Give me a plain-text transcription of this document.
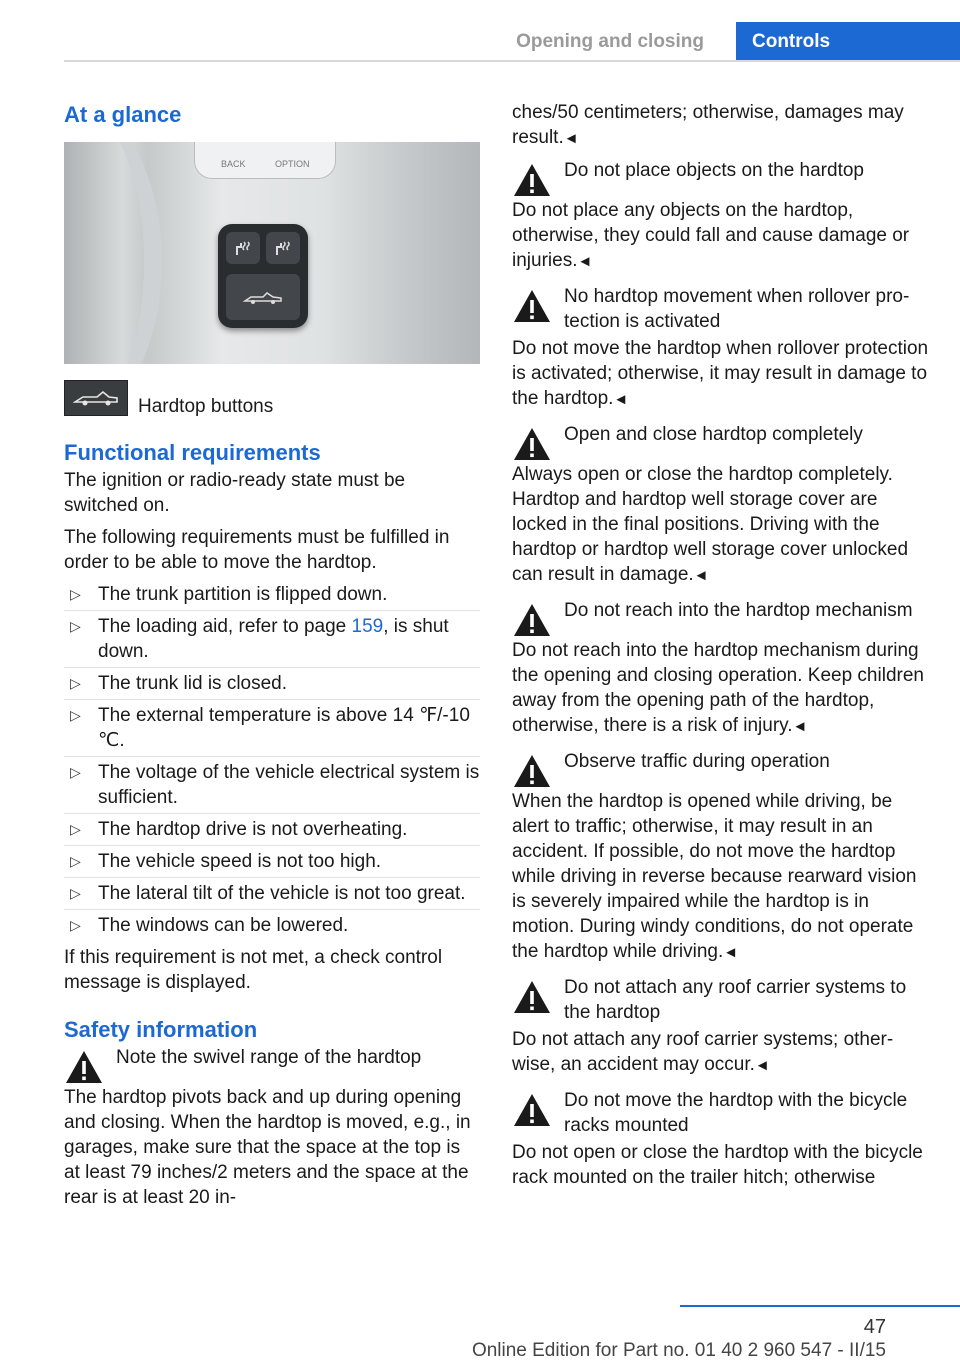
Opening and closing	Controls
At a glance
BACK	OPTION
Hardtop buttons
Functional requirements

The ignition or radio-ready state must be switched on.

The following requirements must be fulfilled in order to be able to move the hardtop.

▷ The trunk partition is flipped down.
▷ The loading aid, refer to page 159, is shut down.
▷ The trunk lid is closed.
▷ The external temperature is above 14 ℉/‑10 ℃.
▷ The voltage of the vehicle electrical system is sufficient.
▷ The hardtop drive is not overheating.
▷ The vehicle speed is not too high.
▷ The lateral tilt of the vehicle is not too great.
▷ The windows can be lowered.

If this requirement is not met, a check control message is displayed.

Safety information
Note the swivel range of the hardtop
The hardtop pivots back and up during opening and closing. When the hardtop is moved, e.g., in garages, make sure that the space at the top is at least 79 inches/2 meters and the space at the rear is at least 20 in-

ches/50 centimeters; otherwise, damages may result.◄

Do not place objects on the hardtop
Do not place any objects on the hardtop, otherwise, they could fall and cause damage or injuries.◄
No hardtop movement when rollover protection is activated
Do not move the hardtop when rollover protection is activated; otherwise, it may result in damage to the hardtop.◄
Open and close hardtop completely
Always open or close the hardtop completely. Hardtop and hardtop well storage cover are locked in the final positions. Driving with the hardtop or hardtop well storage cover unlocked can result in damage.◄
Do not reach into the hardtop mechanism
Do not reach into the hardtop mechanism during the opening and closing operation. Keep children away from the opening path of the hardtop, otherwise, there is a risk of injury.◄
Observe traffic during operation
When the hardtop is opened while driving, be alert to traffic; otherwise, it may result in an accident. If possible, do not move the hardtop while driving in reverse because rearward vision is severely impaired while the hardtop is in motion. During windy conditions, do not operate the hardtop while driving.◄
Do not attach any roof carrier systems to the hardtop
Do not attach any roof carrier systems; otherwise, an accident may occur.◄
Do not move the hardtop with the bicycle racks mounted
Do not open or close the hardtop with the bicycle rack mounted on the trailer hitch; otherwise
47
Online Edition for Part no. 01 40 2 960 547 - II/15
